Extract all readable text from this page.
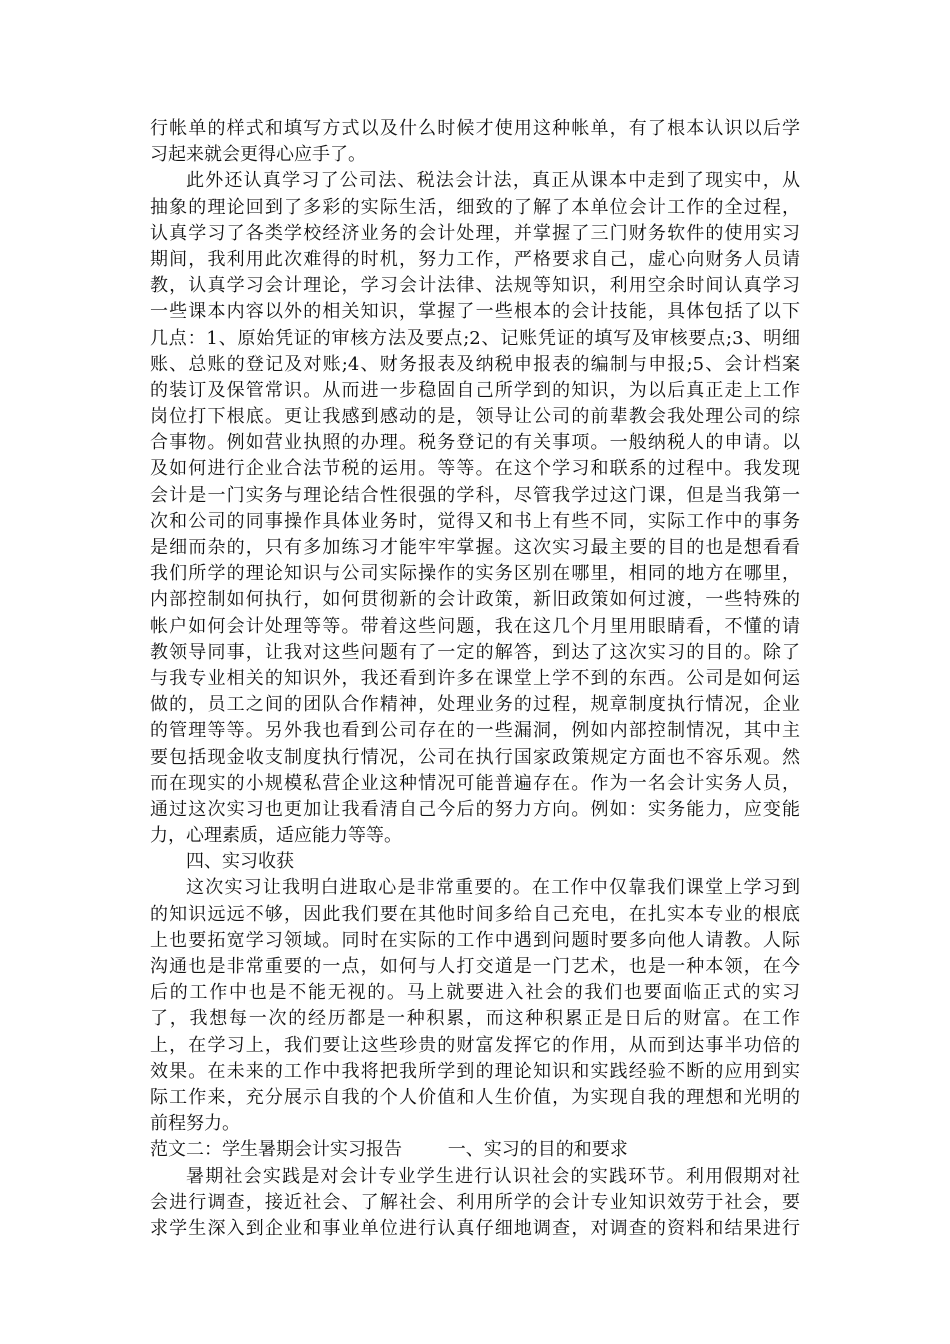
行帐单的样式和填写方式以及什么时候才使用这种帐单，有了根本认识以后学
习起来就会更得心应手了。
此外还认真学习了公司法、税法会计法，真正从课本中走到了现实中，从
抽象的理论回到了多彩的实际生活，细致的了解了本单位会计工作的全过程，
认真学习了各类学校经济业务的会计处理，并掌握了三门财务软件的使用实习
期间，我利用此次难得的时机，努力工作，严格要求自己，虚心向财务人员请
教，认真学习会计理论，学习会计法律、法规等知识，利用空余时间认真学习
一些课本内容以外的相关知识，掌握了一些根本的会计技能，具体包括了以下
几点：1、原始凭证的审核方法及要点;2、记账凭证的填写及审核要点;3、明细
账、总账的登记及对账;4、财务报表及纳税申报表的编制与申报;5、会计档案
的装订及保管常识。从而进一步稳固自己所学到的知识，为以后真正走上工作
岗位打下根底。更让我感到感动的是，领导让公司的前辈教会我处理公司的综
合事物。例如营业执照的办理。税务登记的有关事项。一般纳税人的申请。以
及如何进行企业合法节税的运用。等等。在这个学习和联系的过程中。我发现
会计是一门实务与理论结合性很强的学科，尽管我学过这门课，但是当我第一
次和公司的同事操作具体业务时，觉得又和书上有些不同，实际工作中的事务
是细而杂的，只有多加练习才能牢牢掌握。这次实习最主要的目的也是想看看
我们所学的理论知识与公司实际操作的实务区别在哪里，相同的地方在哪里，
内部控制如何执行，如何贯彻新的会计政策，新旧政策如何过渡，一些特殊的
帐户如何会计处理等等。带着这些问题，我在这几个月里用眼睛看，不懂的请
教领导同事，让我对这些问题有了一定的解答，到达了这次实习的目的。除了
与我专业相关的知识外，我还看到许多在课堂上学不到的东西。公司是如何运
做的，员工之间的团队合作精神，处理业务的过程，规章制度执行情况，企业
的管理等等。另外我也看到公司存在的一些漏洞，例如内部控制情况，其中主
要包括现金收支制度执行情况，公司在执行国家政策规定方面也不容乐观。然
而在现实的小规模私营企业这种情况可能普遍存在。作为一名会计实务人员，
通过这次实习也更加让我看清自己今后的努力方向。例如：实务能力，应变能
力，心理素质，适应能力等等。
四、实习收获
这次实习让我明白进取心是非常重要的。在工作中仅靠我们课堂上学习到
的知识远远不够，因此我们要在其他时间多给自己充电，在扎实本专业的根底
上也要拓宽学习领域。同时在实际的工作中遇到问题时要多向他人请教。人际
沟通也是非常重要的一点，如何与人打交道是一门艺术，也是一种本领，在今
后的工作中也是不能无视的。马上就要进入社会的我们也要面临正式的实习
了，我想每一次的经历都是一种积累，而这种积累正是日后的财富。在工作
上，在学习上，我们要让这些珍贵的财富发挥它的作用，从而到达事半功倍的
效果。在未来的工作中我将把我所学到的理论知识和实践经验不断的应用到实
际工作来，充分展示自我的个人价值和人生价值，为实现自我的理想和光明的
前程努力。
范文二：学生暑期会计实习报告        一、实习的目的和要求
暑期社会实践是对会计专业学生进行认识社会的实践环节。利用假期对社
会进行调查，接近社会、了解社会、利用所学的会计专业知识效劳于社会，要
求学生深入到企业和事业单位进行认真仔细地调查，对调查的资料和结果进行
